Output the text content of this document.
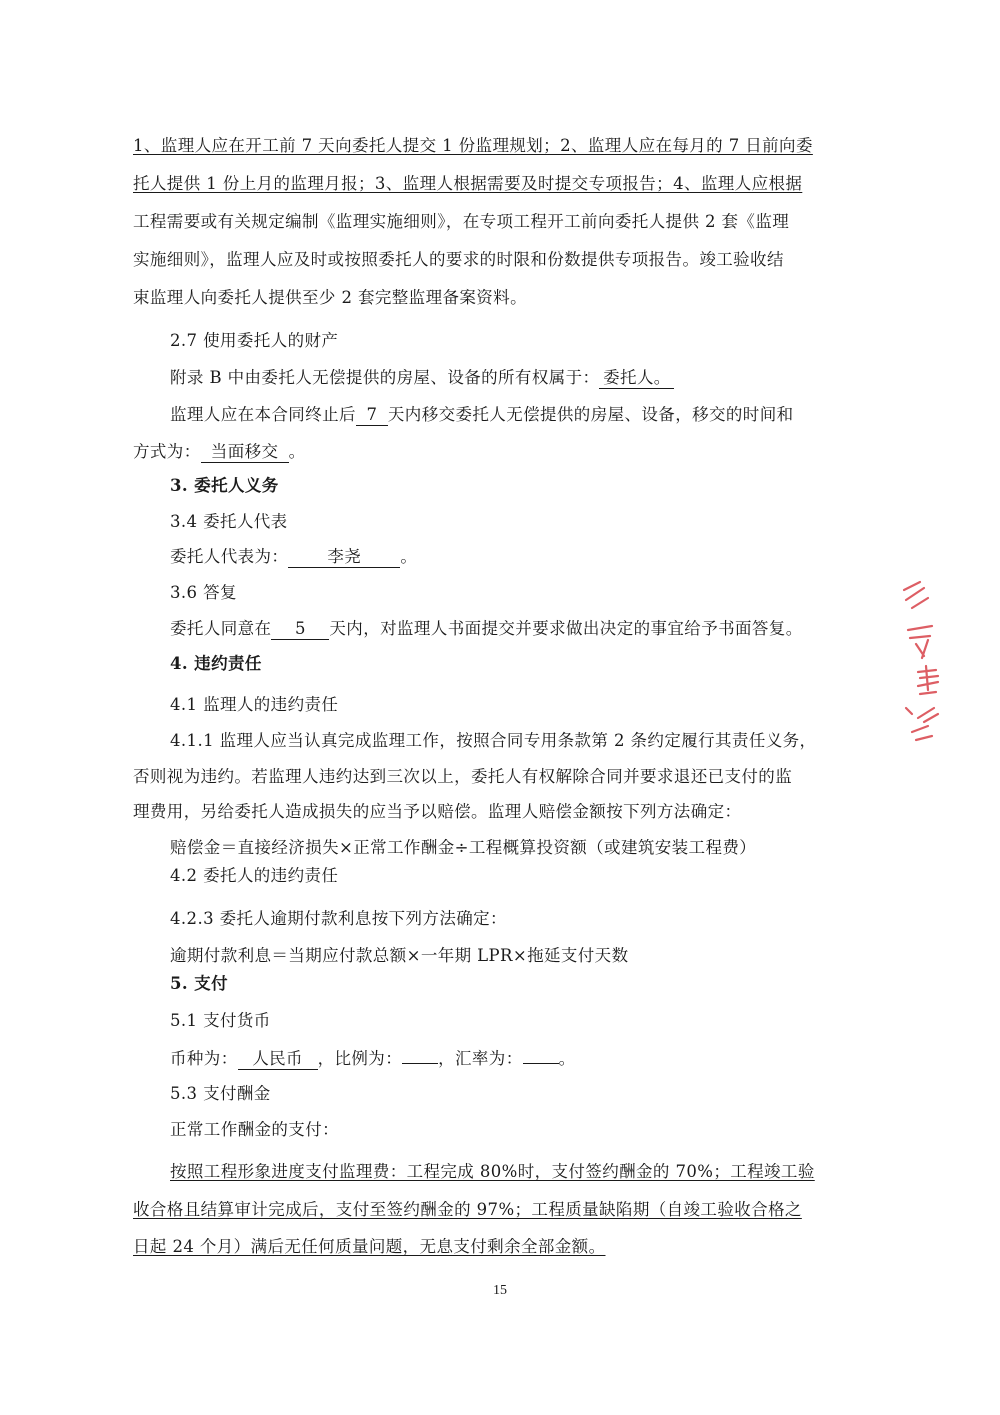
1、监理人应在开工前 7 天向委托人提交 1 份监理规划；2、监理人应在每月的 7 日前向委
托人提供 1 份上月的监理月报；3、监理人根据需要及时提交专项报告；4、监理人应根据
工程需要或有关规定编制《监理实施细则》，在专项工程开工前向委托人提供 2 套《监理
实施细则》，监理人应及时或按照委托人的要求的时限和份数提供专项报告。竣工验收结
束监理人向委托人提供至少 2 套完整监理备案资料。
2.7 使用委托人的财产
附录 B 中由委托人无偿提供的房屋、设备的所有权属于： 委托人。
监理人应在本合同终止后 7 天内移交委托人无偿提供的房屋、设备，移交的时间和
方式为： 当面移交 。
3. 委托人义务
3.4 委托人代表
委托人代表为： 李尧 。
3.6 答复
委托人同意在 5 天内，对监理人书面提交并要求做出决定的事宜给予书面答复。
4. 违约责任
4.1 监理人的违约责任
4.1.1 监理人应当认真完成监理工作，按照合同专用条款第 2 条约定履行其责任义务，
否则视为违约。若监理人违约达到三次以上，委托人有权解除合同并要求退还已支付的监
理费用，另给委托人造成损失的应当予以赔偿。监理人赔偿金额按下列方法确定：
赔偿金＝直接经济损失×正常工作酬金÷工程概算投资额（或建筑安装工程费）
4.2 委托人的违约责任
4.2.3 委托人逾期付款利息按下列方法确定：
逾期付款利息＝当期应付款总额×一年期 LPR×拖延支付天数
5. 支付
5.1 支付货币
币种为： 人民币 ，比例为： ，汇率为： 。
5.3 支付酬金
正常工作酬金的支付：
按照工程形象进度支付监理费：工程完成 80%时，支付签约酬金的 70%；工程竣工验
收合格且结算审计完成后，支付至签约酬金的 97%；工程质量缺陷期（自竣工验收合格之
日起 24 个月）满后无任何质量问题，无息支付剩余全部金额。
15
